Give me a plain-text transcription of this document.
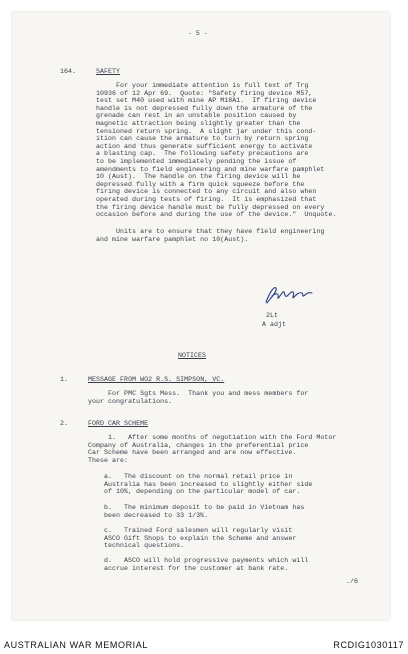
- 5 -
164.	SAFETY
For your immediate attention is full text of Trg
10936 of 12 Apr 69.  Quote: "Safety firing device M57,
test set M40 used with mine AP M18A1.  If firing device
handle is not depressed fully down the armature of the
grenade can rest in an unstable position caused by
magnetic attraction being slightly greater than the
tensioned return spring.  A slight jar under this cond-
ition can cause the armature to turn by return spring
action and thus generate sufficient energy to activate
a blasting cap.  The following safety precautions are
to be implemented immediately pending the issue of
amendments to field engineering and mine warfare pamphlet
10 (Aust).  The handle on the firing device will be
depressed fully with a firm quick squeeze before the
firing device is connected to any circuit and also when
operated during tests of firing.  It is emphasized that
the firing device handle must be fully depressed on every
occasion before and during the use of the device."  Unquote.
Units are to ensure that they have field engineering
and mine warfare pamphlet no 10(Aust).
2Lt
A adjt
NOTICES
1.	MESSAGE FROM WO2 R.S. SIMPSON, VC.
For PMC Sgts Mess.  Thank you and mess members for
your congratulations.
2.	FORD CAR SCHEME
1.   After some months of negotiation with the Ford Motor
Company of Australia, changes in the preferential price
Car Scheme have been arranged and are now effective.
These are:
a.   The discount on the normal retail price in
Australia has been increased to slightly either side
of 10%, depending on the particular model of car.
b.   The minimum deposit to be paid in Vietnam has
been decreased to 33 1/3%.
c.   Trained Ford salesmen will regularly visit
ASCO Gift Shops to explain the Scheme and answer
technical questions.
d.   ASCO will hold progressive payments which will
accrue interest for the customer at bank rate.
./6
AUSTRALIAN WAR MEMORIAL	RCDIG1030117
